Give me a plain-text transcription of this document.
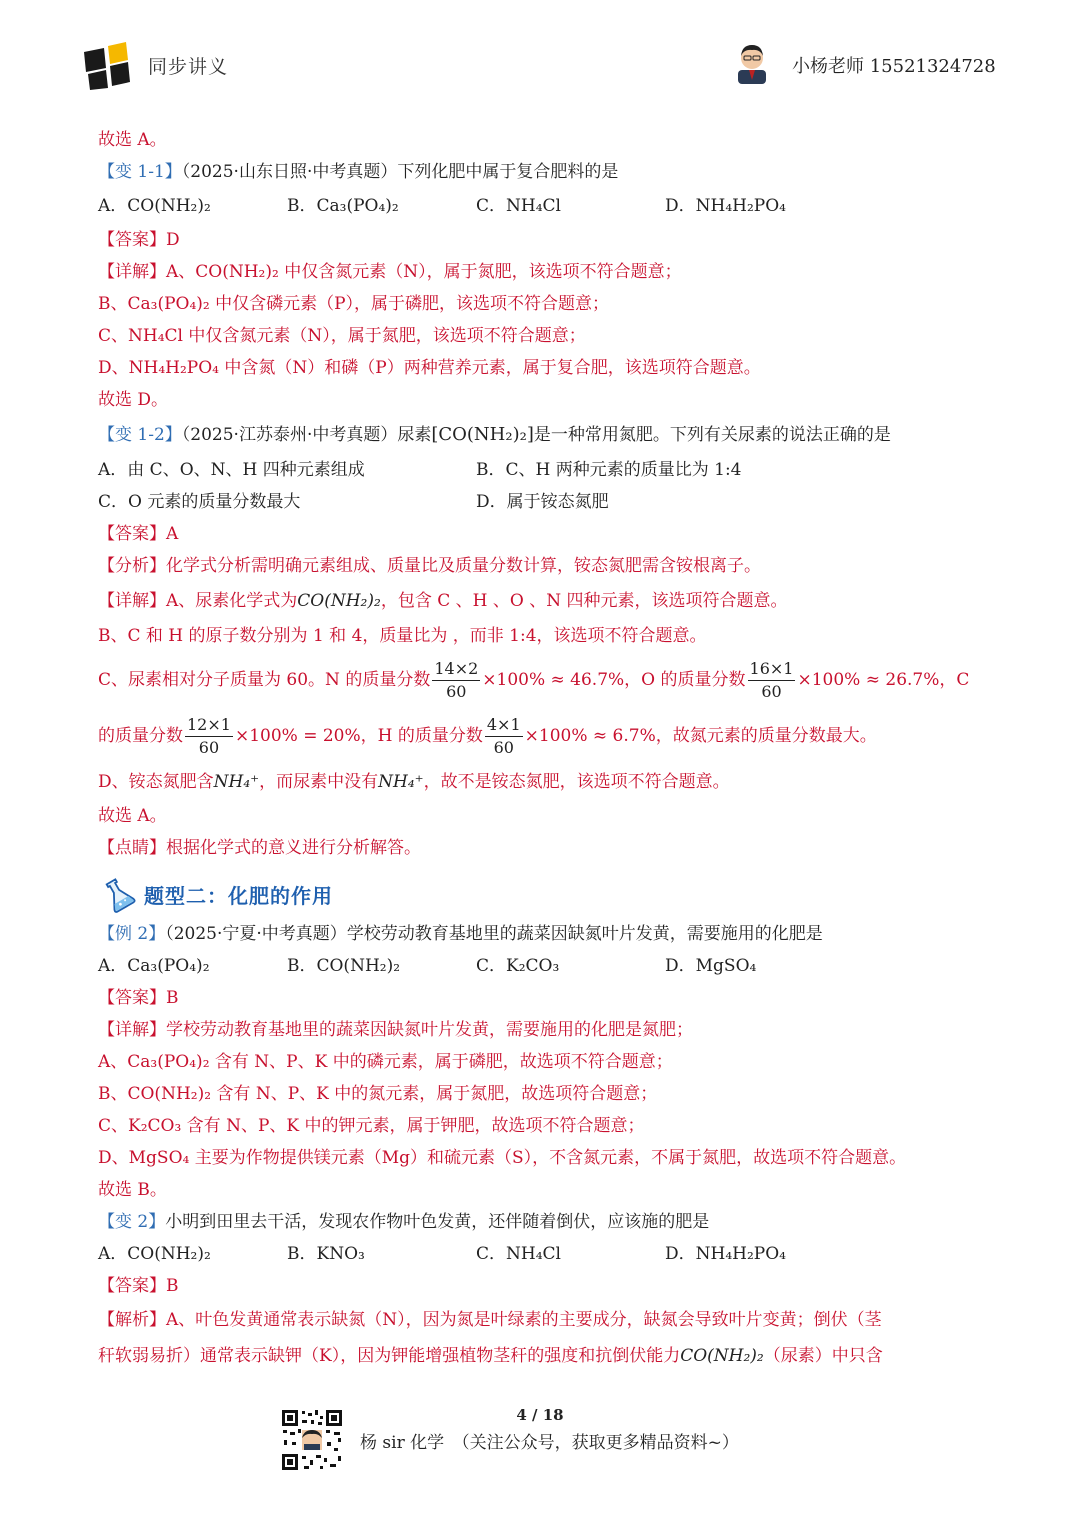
同步讲义	小杨老师 15521324728
故选 A。
【变 1-1】（2025·山东日照·中考真题）下列化肥中属于复合肥料的是
A．CO(NH₂)₂	B．Ca₃(PO₄)₂	C．NH₄Cl	D．NH₄H₂PO₄
【答案】D
【详解】A、CO(NH₂)₂ 中仅含氮元素（N），属于氮肥，该选项不符合题意；
B、Ca₃(PO₄)₂ 中仅含磷元素（P），属于磷肥，该选项不符合题意；
C、NH₄Cl 中仅含氮元素（N），属于氮肥，该选项不符合题意；
D、NH₄H₂PO₄ 中含氮（N）和磷（P）两种营养元素，属于复合肥，该选项符合题意。
故选 D。
【变 1-2】（2025·江苏泰州·中考真题）尿素[CO(NH₂)₂]是一种常用氮肥。下列有关尿素的说法正确的是
A．由 C、O、N、H 四种元素组成	B．C、H 两种元素的质量比为 1:4
C．O 元素的质量分数最大	D．属于铵态氮肥
【答案】A
【分析】化学式分析需明确元素组成、质量比及质量分数计算，铵态氮肥需含铵根离子。
【详解】A、尿素化学式为CO(NH₂)₂，包含 C 、H 、O 、N 四种元素，该选项符合题意。
B、C 和 H 的原子数分别为 1 和 4，质量比为 ，而非 1:4，该选项不符合题意。
C、尿素相对分子质量为 60。N 的质量分数 $\frac{14\times 2}{60} \times 100\% \approx 46.7\%$，O 的质量分数 $\frac{16\times 1}{60} \times 100\% \approx 26.7\%$，C
的质量分数 $\frac{12\times 1}{60} \times 100\% = 20\%$，H 的质量分数 $\frac{4\times 1}{60} \times 100\% \approx 6.7\%$，故氮元素的质量分数最大。
D、铵态氮肥含NH₄⁺，而尿素中没有NH₄⁺，故不是铵态氮肥，该选项不符合题意。
故选 A。
【点睛】根据化学式的意义进行分析解答。
题型二：化肥的作用
【例 2】（2025·宁夏·中考真题）学校劳动教育基地里的蔬菜因缺氮叶片发黄，需要施用的化肥是
A．Ca₃(PO₄)₂	B．CO(NH₂)₂	C．K₂CO₃	D．MgSO₄
【答案】B
【详解】学校劳动教育基地里的蔬菜因缺氮叶片发黄，需要施用的化肥是氮肥；
A、Ca₃(PO₄)₂ 含有 N、P、K 中的磷元素，属于磷肥，故选项不符合题意；
B、CO(NH₂)₂ 含有 N、P、K 中的氮元素，属于氮肥，故选项符合题意；
C、K₂CO₃ 含有 N、P、K 中的钾元素，属于钾肥，故选项不符合题意；
D、MgSO₄ 主要为作物提供镁元素（Mg）和硫元素（S），不含氮元素，不属于氮肥，故选项不符合题意。
故选 B。
【变 2】小明到田里去干活，发现农作物叶色发黄，还伴随着倒伏，应该施的肥是
A．CO(NH₂)₂	B．KNO₃	C．NH₄Cl	D．NH₄H₂PO₄
【答案】B
【解析】A、叶色发黄通常表示缺氮（N），因为氮是叶绿素的主要成分，缺氮会导致叶片变黄；倒伏（茎
秆软弱易折）通常表示缺钾（K），因为钾能增强植物茎秆的强度和抗倒伏能力CO(NH₂)₂（尿素）中只含
4 / 18
杨 sir 化学　（关注公众号，获取更多精品资料~）
